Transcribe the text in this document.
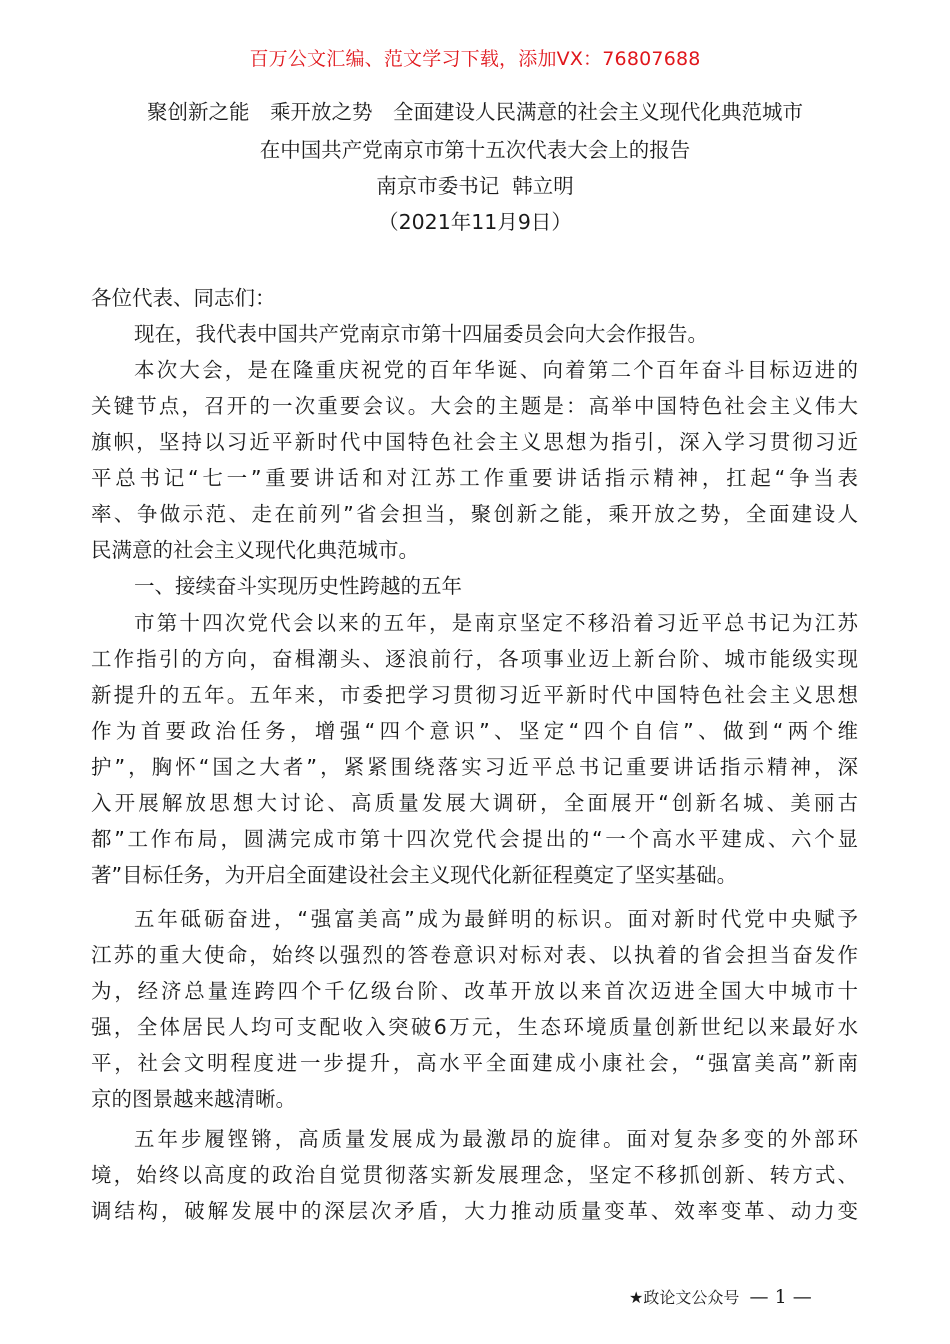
百万公文汇编、范文学习下载，添加VX：76807688
聚创新之能　乘开放之势　全面建设人民满意的社会主义现代化典范城市
在中国共产党南京市第十五次代表大会上的报告
南京市委书记  韩立明
（2021年11月9日）
各位代表、同志们：
现在，我代表中国共产党南京市第十四届委员会向大会作报告。
本次大会，是在隆重庆祝党的百年华诞、向着第二个百年奋斗目标迈进的
关键节点，召开的一次重要会议。大会的主题是：高举中国特色社会主义伟大
旗帜，坚持以习近平新时代中国特色社会主义思想为指引，深入学习贯彻习近
平总书记“七一”重要讲话和对江苏工作重要讲话指示精神，扛起“争当表
率、争做示范、走在前列”省会担当，聚创新之能，乘开放之势，全面建设人
民满意的社会主义现代化典范城市。
一、接续奋斗实现历史性跨越的五年
市第十四次党代会以来的五年，是南京坚定不移沿着习近平总书记为江苏
工作指引的方向，奋楫潮头、逐浪前行，各项事业迈上新台阶、城市能级实现
新提升的五年。五年来，市委把学习贯彻习近平新时代中国特色社会主义思想
作为首要政治任务，增强“四个意识”、坚定“四个自信”、做到“两个维
护”，胸怀“国之大者”，紧紧围绕落实习近平总书记重要讲话指示精神，深
入开展解放思想大讨论、高质量发展大调研，全面展开“创新名城、美丽古
都”工作布局，圆满完成市第十四次党代会提出的“一个高水平建成、六个显
著”目标任务，为开启全面建设社会主义现代化新征程奠定了坚实基础。
五年砥砺奋进，“强富美高”成为最鲜明的标识。面对新时代党中央赋予
江苏的重大使命，始终以强烈的答卷意识对标对表、以执着的省会担当奋发作
为，经济总量连跨四个千亿级台阶、改革开放以来首次迈进全国大中城市十
强，全体居民人均可支配收入突破6万元，生态环境质量创新世纪以来最好水
平，社会文明程度进一步提升，高水平全面建成小康社会，“强富美高”新南
京的图景越来越清晰。
五年步履铿锵，高质量发展成为最激昂的旋律。面对复杂多变的外部环
境，始终以高度的政治自觉贯彻落实新发展理念，坚定不移抓创新、转方式、
调结构，破解发展中的深层次矛盾，大力推动质量变革、效率变革、动力变
★政论文公众号 — 1 —
